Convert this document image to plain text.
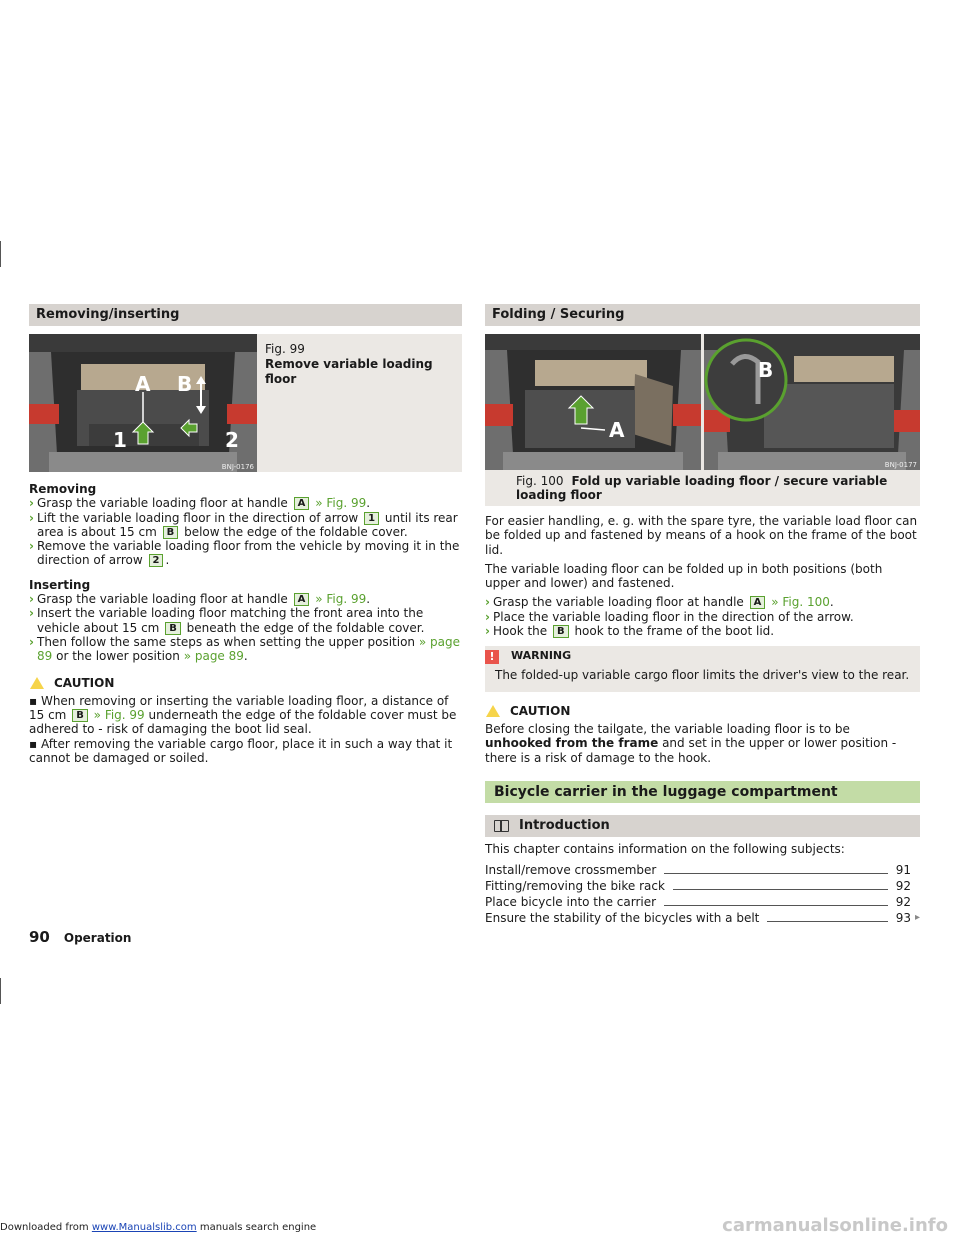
Removing/inserting
A B
1	2
BNJ-0176
Fig. 99
Remove variable loading floor
Removing
› Grasp the variable loading floor at handle A » Fig. 99.
› Lift the variable loading floor in the direction of arrow 1 until its rear area is about 15 cm B below the edge of the foldable cover.
› Remove the variable loading floor from the vehicle by moving it in the direction of arrow 2 .
Inserting
› Grasp the variable loading floor at handle A » Fig. 99.
› Insert the variable loading floor matching the front area into the vehicle about 15 cm B beneath the edge of the foldable cover.
› Then follow the same steps as when setting the upper position » page 89 or the lower position » page 89.
CAUTION
▪ When removing or inserting the variable loading floor, a distance of 15 cm B » Fig. 99 underneath the edge of the foldable cover must be adhered to - risk of damaging the boot lid seal.
▪ After removing the variable cargo floor, place it in such a way that it cannot be damaged or soiled.
Folding / Securing
A
B
BNJ-0177
Fig. 100 Fold up variable loading floor / secure variable loading floor
For easier handling, e. g. with the spare tyre, the variable load floor can be folded up and fastened by means of a hook on the frame of the boot lid.
The variable loading floor can be folded up in both positions (both upper and lower) and fastened.
› Grasp the variable loading floor at handle A » Fig. 100.
› Place the variable loading floor in the direction of the arrow.
› Hook the B hook to the frame of the boot lid.
!	WARNING
The folded-up variable cargo floor limits the driver's view to the rear.
CAUTION
Before closing the tailgate, the variable loading floor is to be unhooked from the frame and set in the upper or lower position - there is a risk of damage to the hook.
Bicycle carrier in the luggage compartment
Introduction
This chapter contains information on the following subjects:
Install/remove crossmember	91
Fitting/removing the bike rack	92
Place bicycle into the carrier	92
Ensure the stability of the bicycles with a belt	93 ▸
90 Operation
Downloaded from www.Manualslib.com manuals search engine	carmanualsonline.info
